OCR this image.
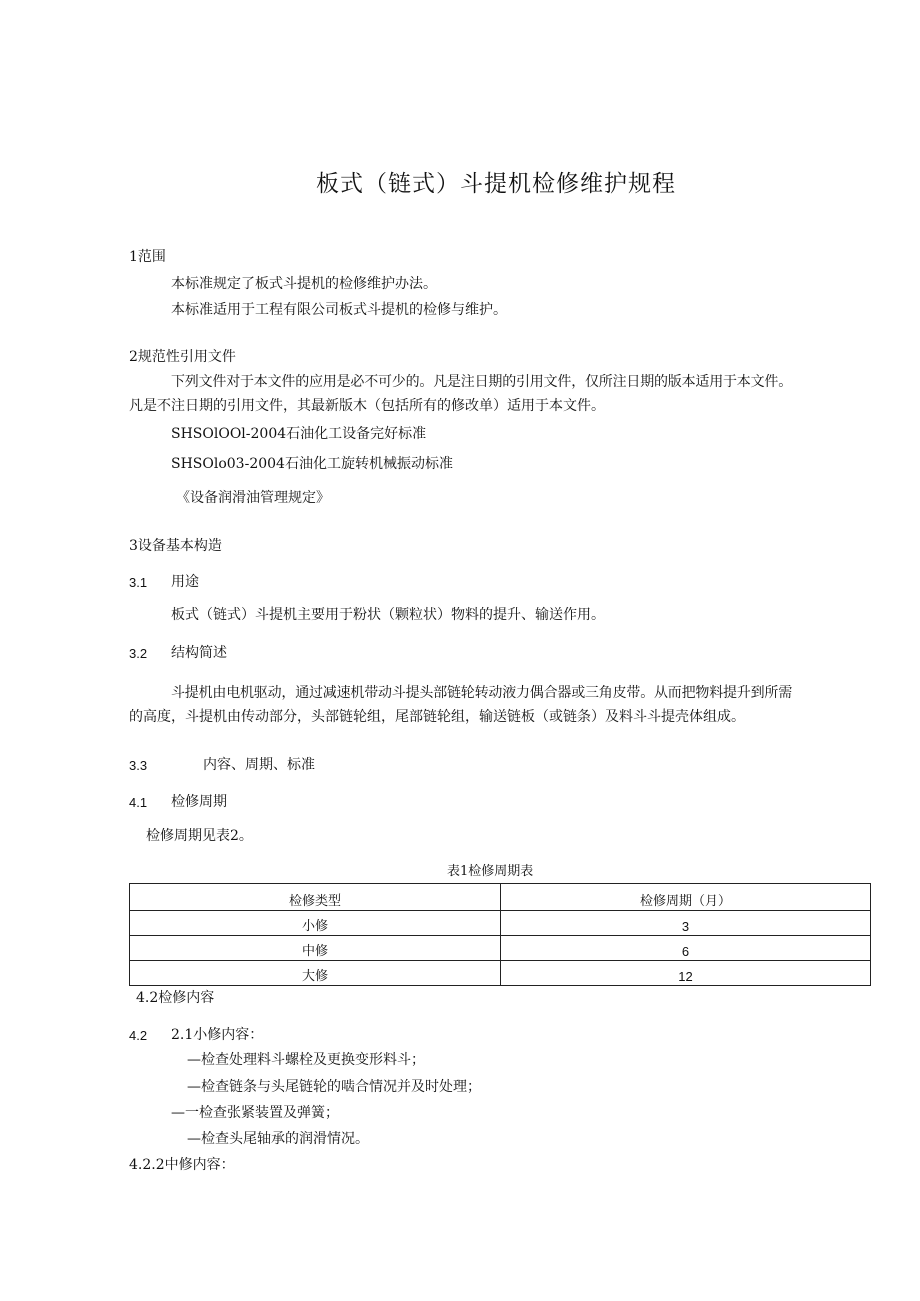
板式（链式）斗提机检修维护规程
1范围
本标准规定了板式斗提机的检修维护办法。
本标准适用于工程有限公司板式斗提机的检修与维护。
2规范性引用文件
下列文件对于本文件的应用是必不可少的。凡是注日期的引用文件，仅所注日期的版本适用于本文件。
凡是不注日期的引用文件，其最新版木（包括所有的修改单）适用于本文件。
SHSOlOOl-2004石油化工设备完好标准
SHSOlo03-2004石油化工旋转机械振动标准
《设备润滑油管理规定》
3设备基本构造
3.1 用途
板式（链式）斗提机主要用于粉状（颗粒状）物料的提升、输送作用。
3.2 结构简述
斗提机由电机驱动，通过减速机带动斗提头部链轮转动液力偶合器或三角皮带。从而把物料提升到所需
的高度，斗提机由传动部分，头部链轮组，尾部链轮组，输送链板（或链条）及料斗斗提壳体组成。
3.3	内容、周期、标准
4.1 检修周期
检修周期见表2。
表1检修周期表
检修类型	检修周期（月）
小修	3
中修	6
大修	12
4.2检修内容
4.2 2.1小修内容：
—检查处理料斗螺栓及更换变形料斗；
—检查链条与头尾链轮的啮合情况并及时处理；
—一检查张紧装置及弹簧；
—检查头尾轴承的润滑情况。
4.2.2中修内容：
